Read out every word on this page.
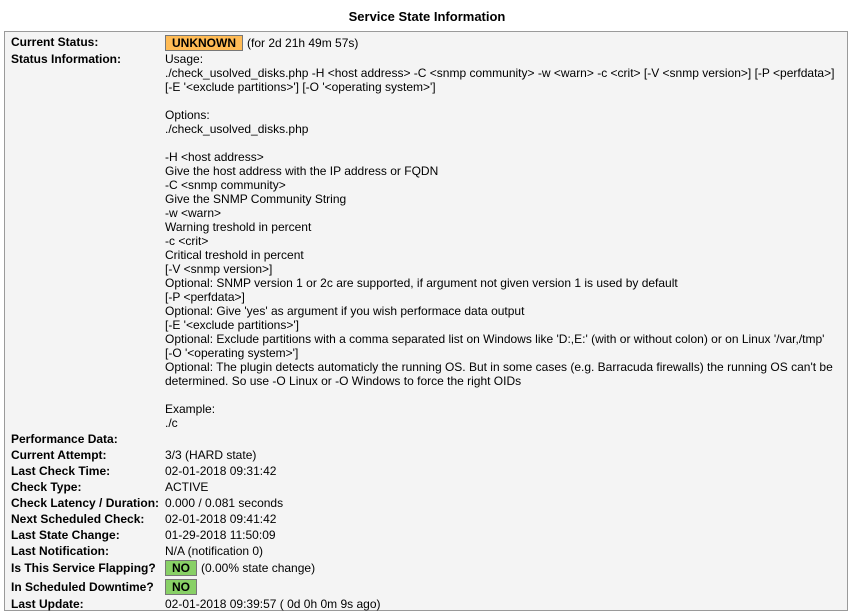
Service State Information
Current Status:	UNKNOWN (for 2d 21h 49m 57s)
Status Information:	Usage:
./check_usolved_disks.php -H <host address> -C <snmp community> -w <warn> -c <crit> [-V <snmp version>] [-P <perfdata>] [-E '<exclude partitions>'] [-O '<operating system>']

Options:
./check_usolved_disks.php

-H <host address>
Give the host address with the IP address or FQDN
-C <snmp community>
Give the SNMP Community String
-w <warn>
Warning treshold in percent
-c <crit>
Critical treshold in percent
[-V <snmp version>]
Optional: SNMP version 1 or 2c are supported, if argument not given version 1 is used by default
[-P <perfdata>]
Optional: Give 'yes' as argument if you wish performace data output
[-E '<exclude partitions>']
Optional: Exclude partitions with a comma separated list on Windows like 'D:,E:' (with or without colon) or on Linux '/var,/tmp'
[-O '<operating system>']
Optional: The plugin detects automaticly the running OS. But in some cases (e.g. Barracuda firewalls) the running OS can't be determined. So use -O Linux or -O Windows to force the right OIDs

Example:
./c
Performance Data:
Current Attempt:	3/3 (HARD state)
Last Check Time:	02-01-2018 09:31:42
Check Type:	ACTIVE
Check Latency / Duration: 0.000 / 0.081 seconds
Next Scheduled Check: 02-01-2018 09:41:42
Last State Change:	01-29-2018 11:50:09
Last Notification:	N/A (notification 0)
Is This Service Flapping?	NO (0.00% state change)
In Scheduled Downtime?	NO
Last Update:	02-01-2018 09:39:57 ( 0d 0h 0m 9s ago)
